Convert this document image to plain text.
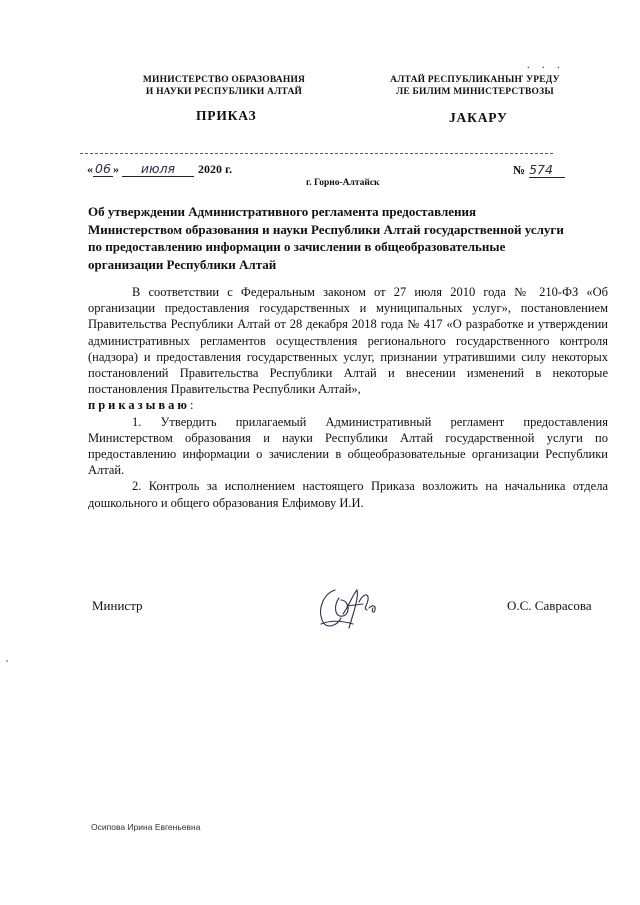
МИНИСТЕРСТВО ОБРАЗОВАНИЯ
И НАУКИ РЕСПУБЛИКИ АЛТАЙ
. . .
АЛТАЙ РЕСПУБЛИКАНЫҤ УРЕДУ
ЛЕ БИЛИМ МИНИСТЕРСТВОЗЫ
ПРИКАЗ	ЈАКАРУ
« 06 » июля 2020 г.	№ 574
г. Горно-Алтайск
Об утверждении Административного регламента предоставления Министерством образования и науки Республики Алтай государственной услуги по предоставлению информации о зачислении в общеобразовательные организации Республики Алтай

В соответствии с Федеральным законом от 27 июля 2010 года № 210-ФЗ «Об организации предоставления государственных и муниципальных услуг», постановлением Правительства Республики Алтай от 28 декабря 2018 года № 417 «О разработке и утверждении административных регламентов осуществления регионального государственного контроля (надзора) и предоставления государственных услуг, признании утратившими силу некоторых постановлений Правительства Республики Алтай и внесении изменений в некоторые постановления Правительства Республики Алтай»,

приказываю:

1. Утвердить прилагаемый Административный регламент предоставления Министерством образования и науки Республики Алтай государственной услуги по предоставлению информации о зачислении в общеобразовательные организации Республики Алтай.

2. Контроль за исполнением настоящего Приказа возложить на начальника отдела дошкольного и общего образования Елфимову И.И.

Министр	О.С. Саврасова
Осипова Ирина Евгеньевна
